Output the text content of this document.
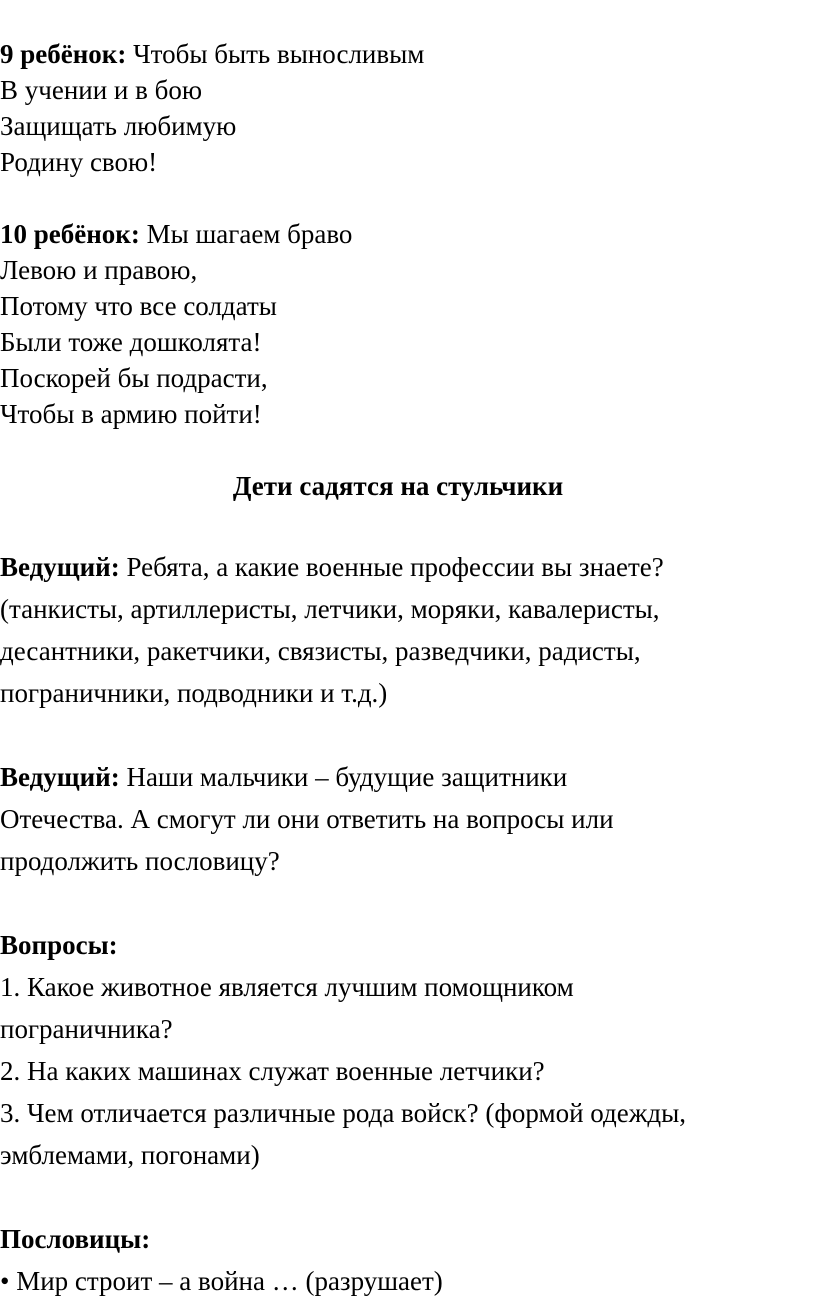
9 ребёнок: Чтобы быть выносливым
В учении и в бою
Защищать любимую
Родину свою!
10 ребёнок: Мы шагаем браво
Левою и правою,
Потому что все солдаты
Были тоже дошколята!
Поскорей бы подрасти,
Чтобы в армию пойти!
Дети садятся на стульчики
Ведущий: Ребята, а какие военные профессии вы знаете?
(танкисты, артиллеристы, летчики, моряки, кавалеристы,
десантники, ракетчики, связисты, разведчики, радисты,
пограничники, подводники и т.д.)
Ведущий: Наши мальчики – будущие защитники
Отечества. А смогут ли они ответить на вопросы или
продолжить пословицу?
Вопросы:
1. Какое животное является лучшим помощником
пограничника?
2. На каких машинах служат военные летчики?
3. Чем отличается различные рода войск? (формой одежды,
эмблемами, погонами)
Пословицы:
• Мир строит – а война … (разрушает)
